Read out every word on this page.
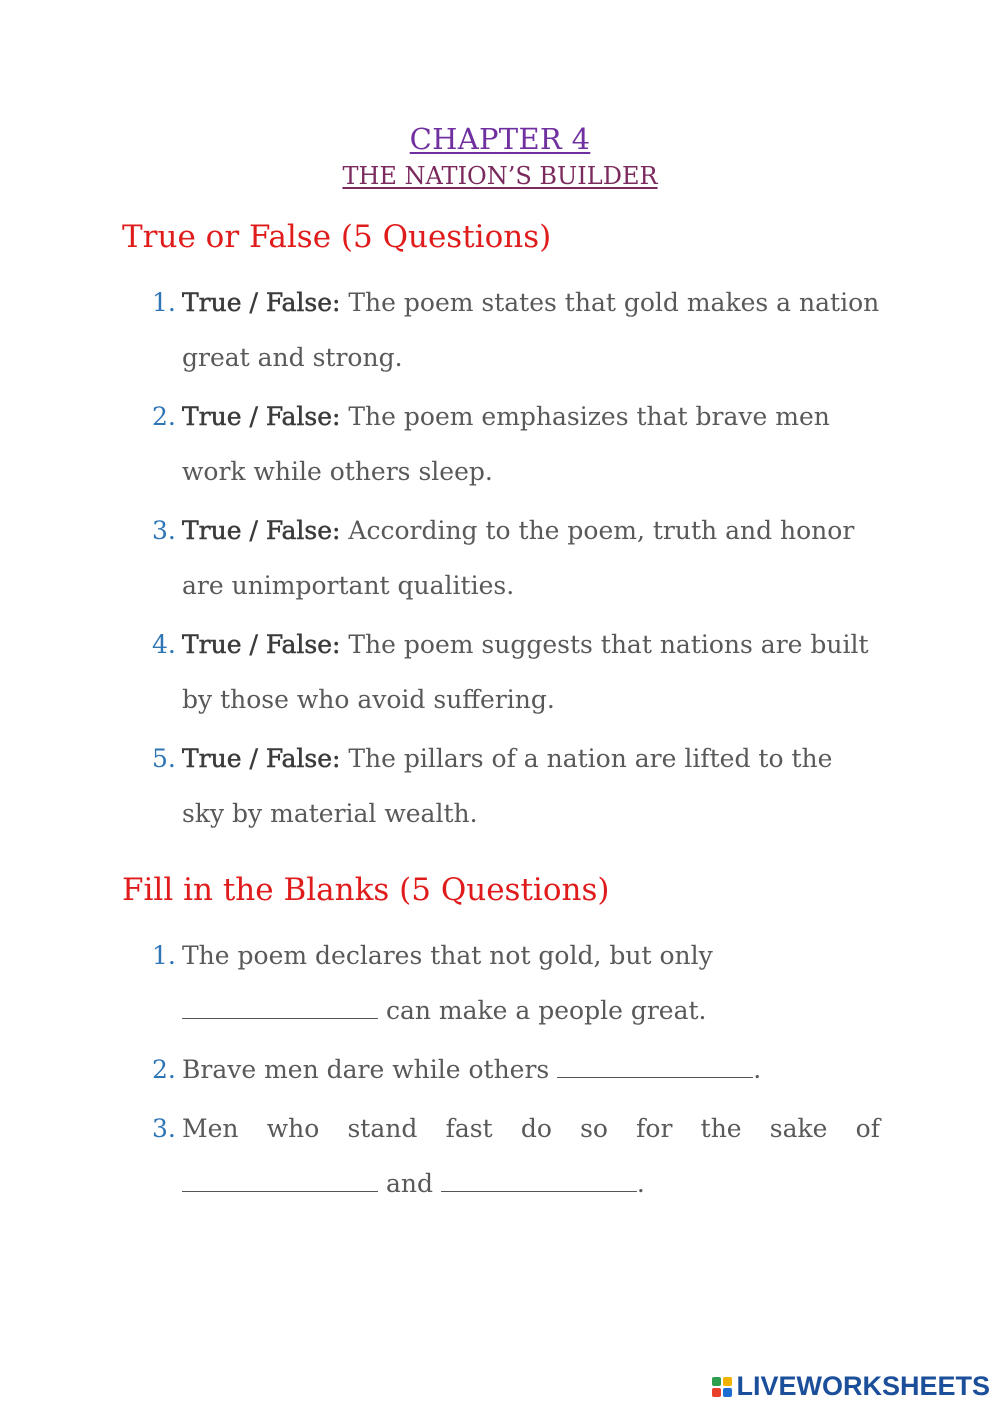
CHAPTER 4
THE NATION’S BUILDER
True or False (5 Questions)
1. True / False: The poem states that gold makes a nation great and strong.
2. True / False: The poem emphasizes that brave men work while others sleep.
3. True / False: According to the poem, truth and honor are unimportant qualities.
4. True / False: The poem suggests that nations are built by those who avoid suffering.
5. True / False: The pillars of a nation are lifted to the sky by material wealth.
Fill in the Blanks (5 Questions)
1. The poem declares that not gold, but only  can make a people great.
2. Brave men dare while others	.
3. Men who stand fast do so for the sake of  and	.
LIVEWORKSHEETS
